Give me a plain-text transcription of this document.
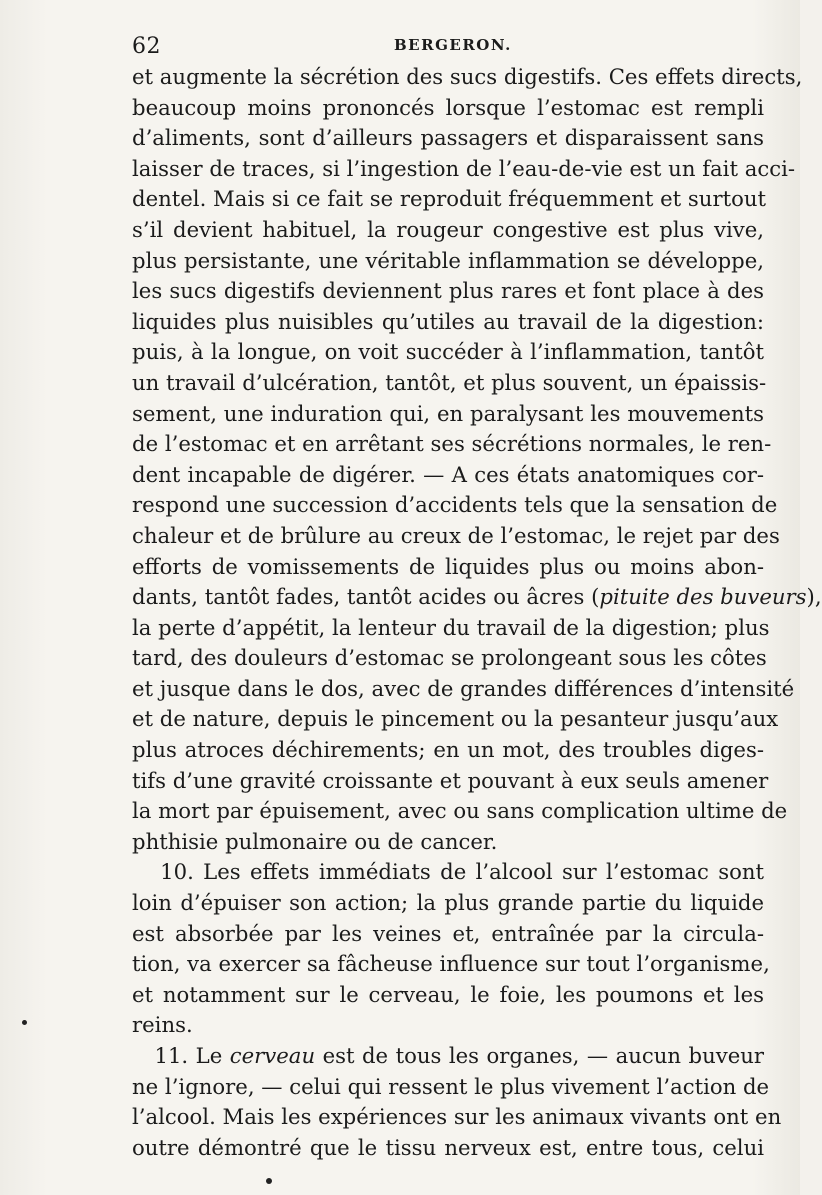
62	BERGERON.
et augmente la sécrétion des sucs digestifs. Ces effets directs,
beaucoup moins prononcés lorsque l’estomac est rempli
d’aliments, sont d’ailleurs passagers et disparaissent sans
laisser de traces, si l’ingestion de l’eau-de-vie est un fait acci-
dentel. Mais si ce fait se reproduit fréquemment et surtout
s’il devient habituel, la rougeur congestive est plus vive,
plus persistante, une véritable inflammation se développe,
les sucs digestifs deviennent plus rares et font place à des
liquides plus nuisibles qu’utiles au travail de la digestion:
puis, à la longue, on voit succéder à l’inflammation, tantôt
un travail d’ulcération, tantôt, et plus souvent, un épaissis-
sement, une induration qui, en paralysant les mouvements
de l’estomac et en arrêtant ses sécrétions normales, le ren-
dent incapable de digérer. — A ces états anatomiques cor-
respond une succession d’accidents tels que la sensation de
chaleur et de brûlure au creux de l’estomac, le rejet par des
efforts de vomissements de liquides plus ou moins abon-
dants, tantôt fades, tantôt acides ou âcres (pituite des buveurs),
la perte d’appétit, la lenteur du travail de la digestion; plus
tard, des douleurs d’estomac se prolongeant sous les côtes
et jusque dans le dos, avec de grandes différences d’intensité
et de nature, depuis le pincement ou la pesanteur jusqu’aux
plus atroces déchirements; en un mot, des troubles diges-
tifs d’une gravité croissante et pouvant à eux seuls amener
la mort par épuisement, avec ou sans complication ultime de
phthisie pulmonaire ou de cancer.
10. Les effets immédiats de l’alcool sur l’estomac sont
loin d’épuiser son action; la plus grande partie du liquide
est absorbée par les veines et, entraînée par la circula-
tion, va exercer sa fâcheuse influence sur tout l’organisme,
et notamment sur le cerveau, le foie, les poumons et les
reins.
11. Le cerveau est de tous les organes, — aucun buveur
ne l’ignore, — celui qui ressent le plus vivement l’action de
l’alcool. Mais les expériences sur les animaux vivants ont en
outre démontré que le tissu nerveux est, entre tous, celui
